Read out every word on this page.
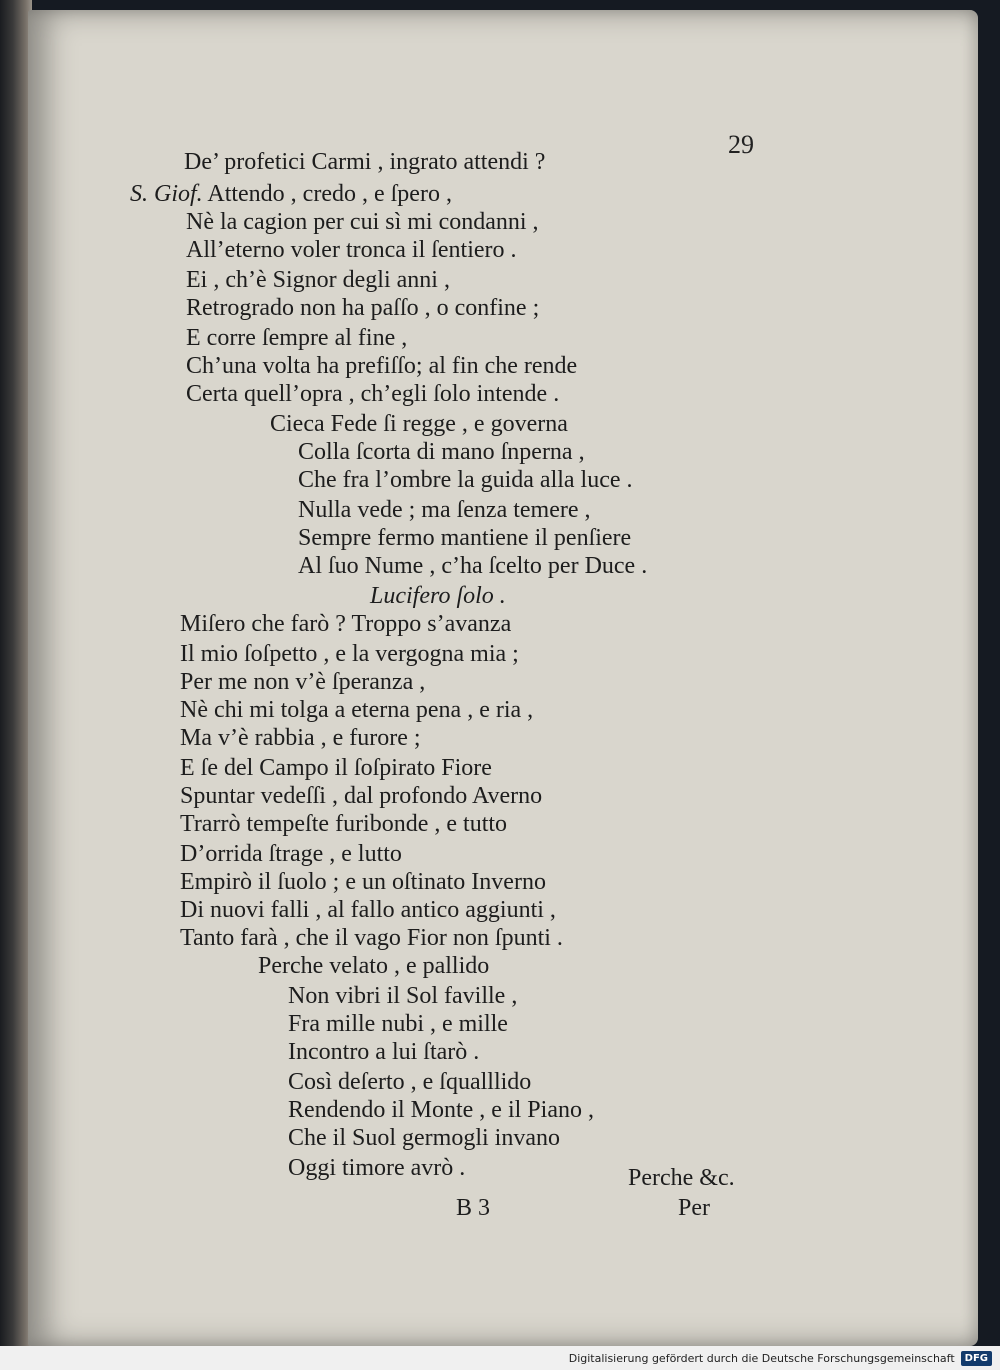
29
De’ profetici Carmi , ingrato attendi ?
S. Giof. Attendo , credo , e ſpero ,
Nè la cagion per cui sì mi condanni ,
All’eterno voler tronca il ſentiero .
Ei , ch’è Signor degli anni ,
Retrogrado non ha paſſo , o confine ;
E corre ſempre al fine ,
Ch’una volta ha prefiſſo; al fin che rende
Certa quell’opra , ch’egli ſolo intende .
Cieca Fede ſi regge , e governa
Colla ſcorta di mano ſnperna ,
Che fra l’ombre la guida alla luce .
Nulla vede ; ma ſenza temere ,
Sempre fermo mantiene il penſiere
Al ſuo Nume , c’ha ſcelto per Duce .
Lucifero ſolo .
Miſero che farò ? Troppo s’avanza
Il mio ſoſpetto , e la vergogna mia ;
Per me non v’è ſperanza ,
Nè chi mi tolga a eterna pena , e ria ,
Ma v’è rabbia , e furore ;
E ſe del Campo il ſoſpirato Fiore
Spuntar vedeſſi , dal profondo Averno
Trarrò tempeſte furibonde , e tutto
D’orrida ſtrage , e lutto
Empirò il ſuolo ; e un oſtinato Inverno
Di nuovi falli , al fallo antico aggiunti ,
Tanto farà , che il vago Fior non ſpunti .
Perche velato , e pallido
Non vibri il Sol faville ,
Fra mille nubi , e mille
Incontro a lui ſtarò .
Così deſerto , e ſqualllido
Rendendo il Monte , e il Piano ,
Che il Suol germogli invano
Oggi timore avrò .	Perche &c.
B 3	Per
Digitalisierung gefördert durch die Deutsche Forschungsgemeinschaft	DFG
